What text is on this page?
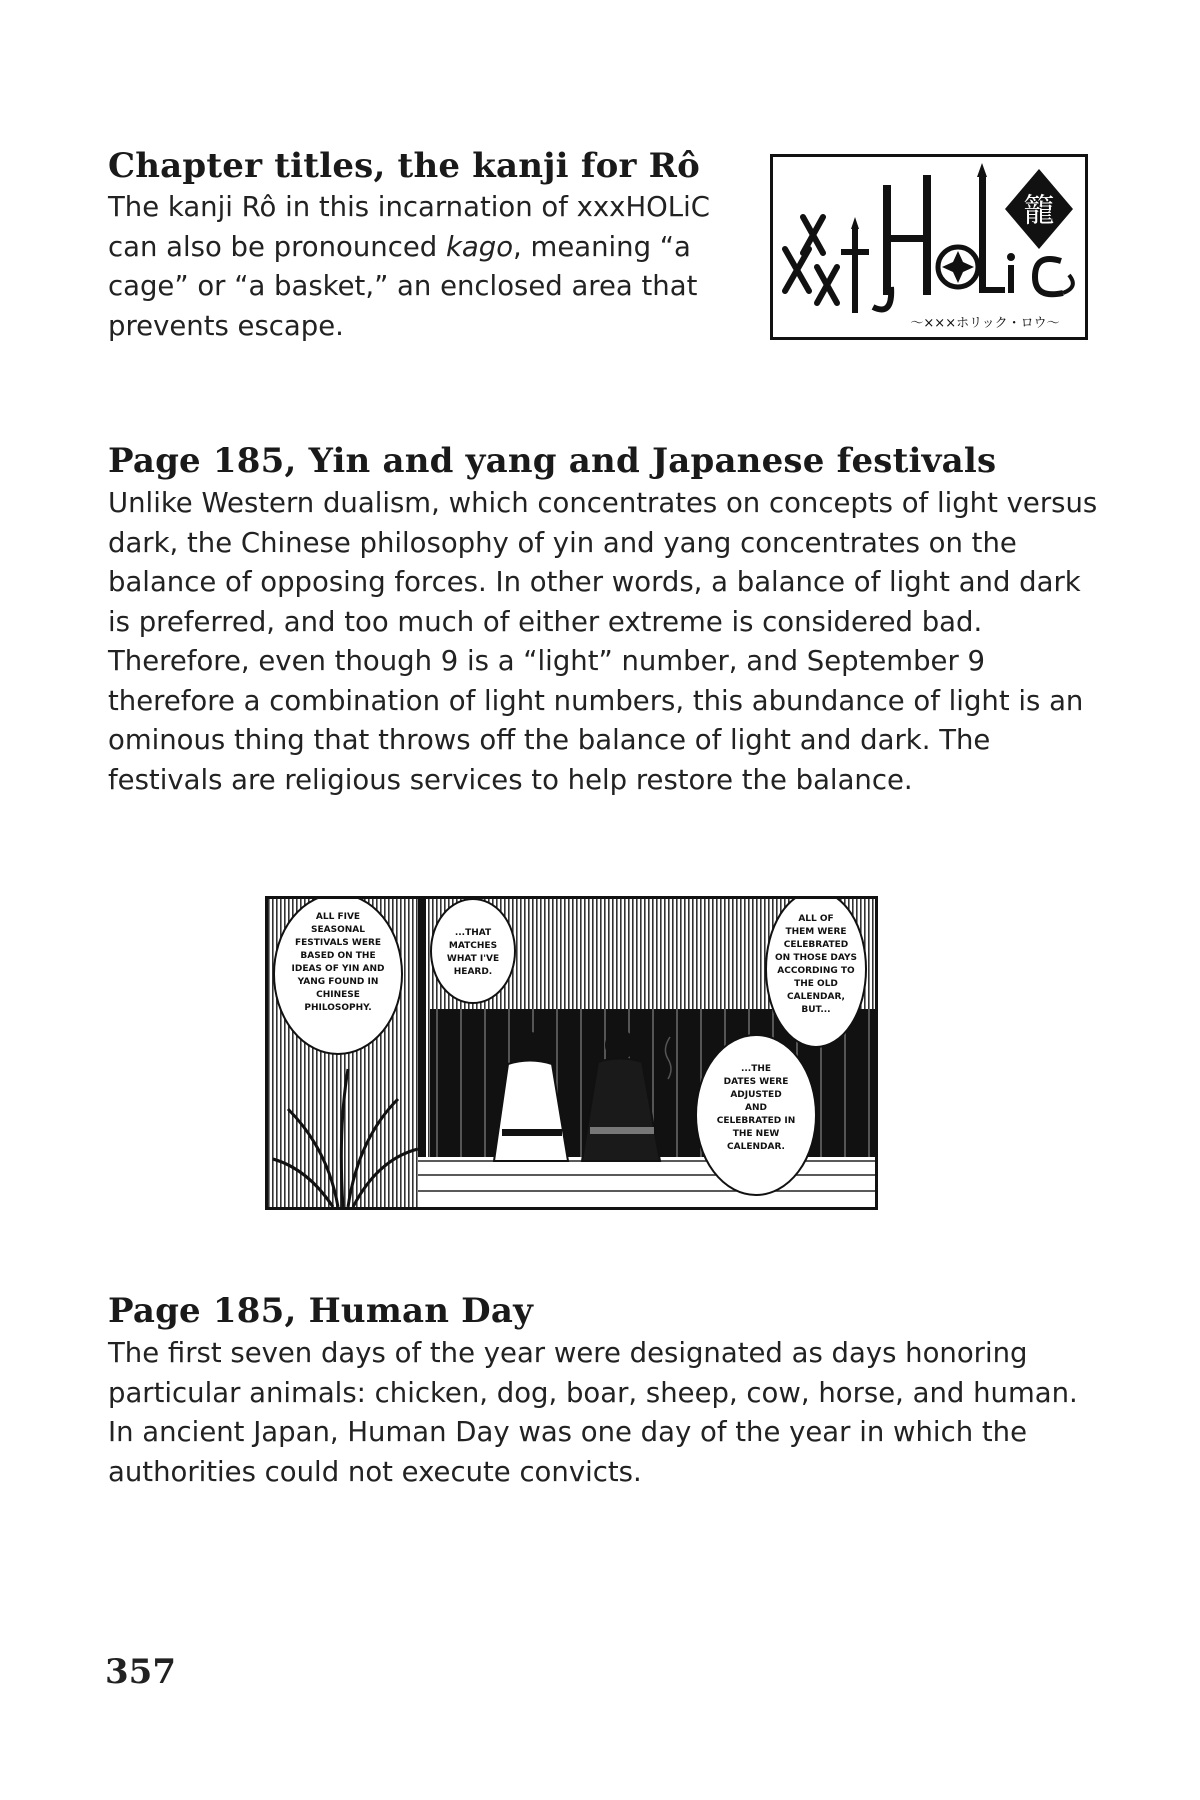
Chapter titles, the kanji for Rô

The kanji Rô in this incarnation of xxxHOLiC can also be pronounced kago, meaning “a cage” or “a basket,” an enclosed area that prevents escape.

籠
〜×××ホリック・ロウ〜
Page 185, Yin and yang and Japanese festivals

Unlike Western dualism, which concentrates on concepts of light versus dark, the Chinese philosophy of yin and yang concentrates on the balance of opposing forces. In other words, a balance of light and dark is preferred, and too much of either extreme is considered bad. Therefore, even though 9 is a “light” number, and September 9 therefore a combination of light numbers, this abundance of light is an ominous thing that throws off the balance of light and dark. The festivals are religious services to help restore the balance.

ALL FIVE
SEASONAL
FESTIVALS WERE
BASED ON THE
IDEAS OF YIN AND
YANG FOUND IN
CHINESE
PHILOSOPHY.
...THAT
MATCHES
WHAT I'VE
HEARD.
ALL OF
THEM WERE
CELEBRATED
ON THOSE DAYS
ACCORDING TO
THE OLD
CALENDAR,
BUT...
...THE
DATES WERE
ADJUSTED
AND
CELEBRATED IN
THE NEW
CALENDAR.
Page 185, Human Day

The first seven days of the year were designated as days honoring particular animals: chicken, dog, boar, sheep, cow, horse, and human. In ancient Japan, Human Day was one day of the year in which the authorities could not execute convicts.

357
